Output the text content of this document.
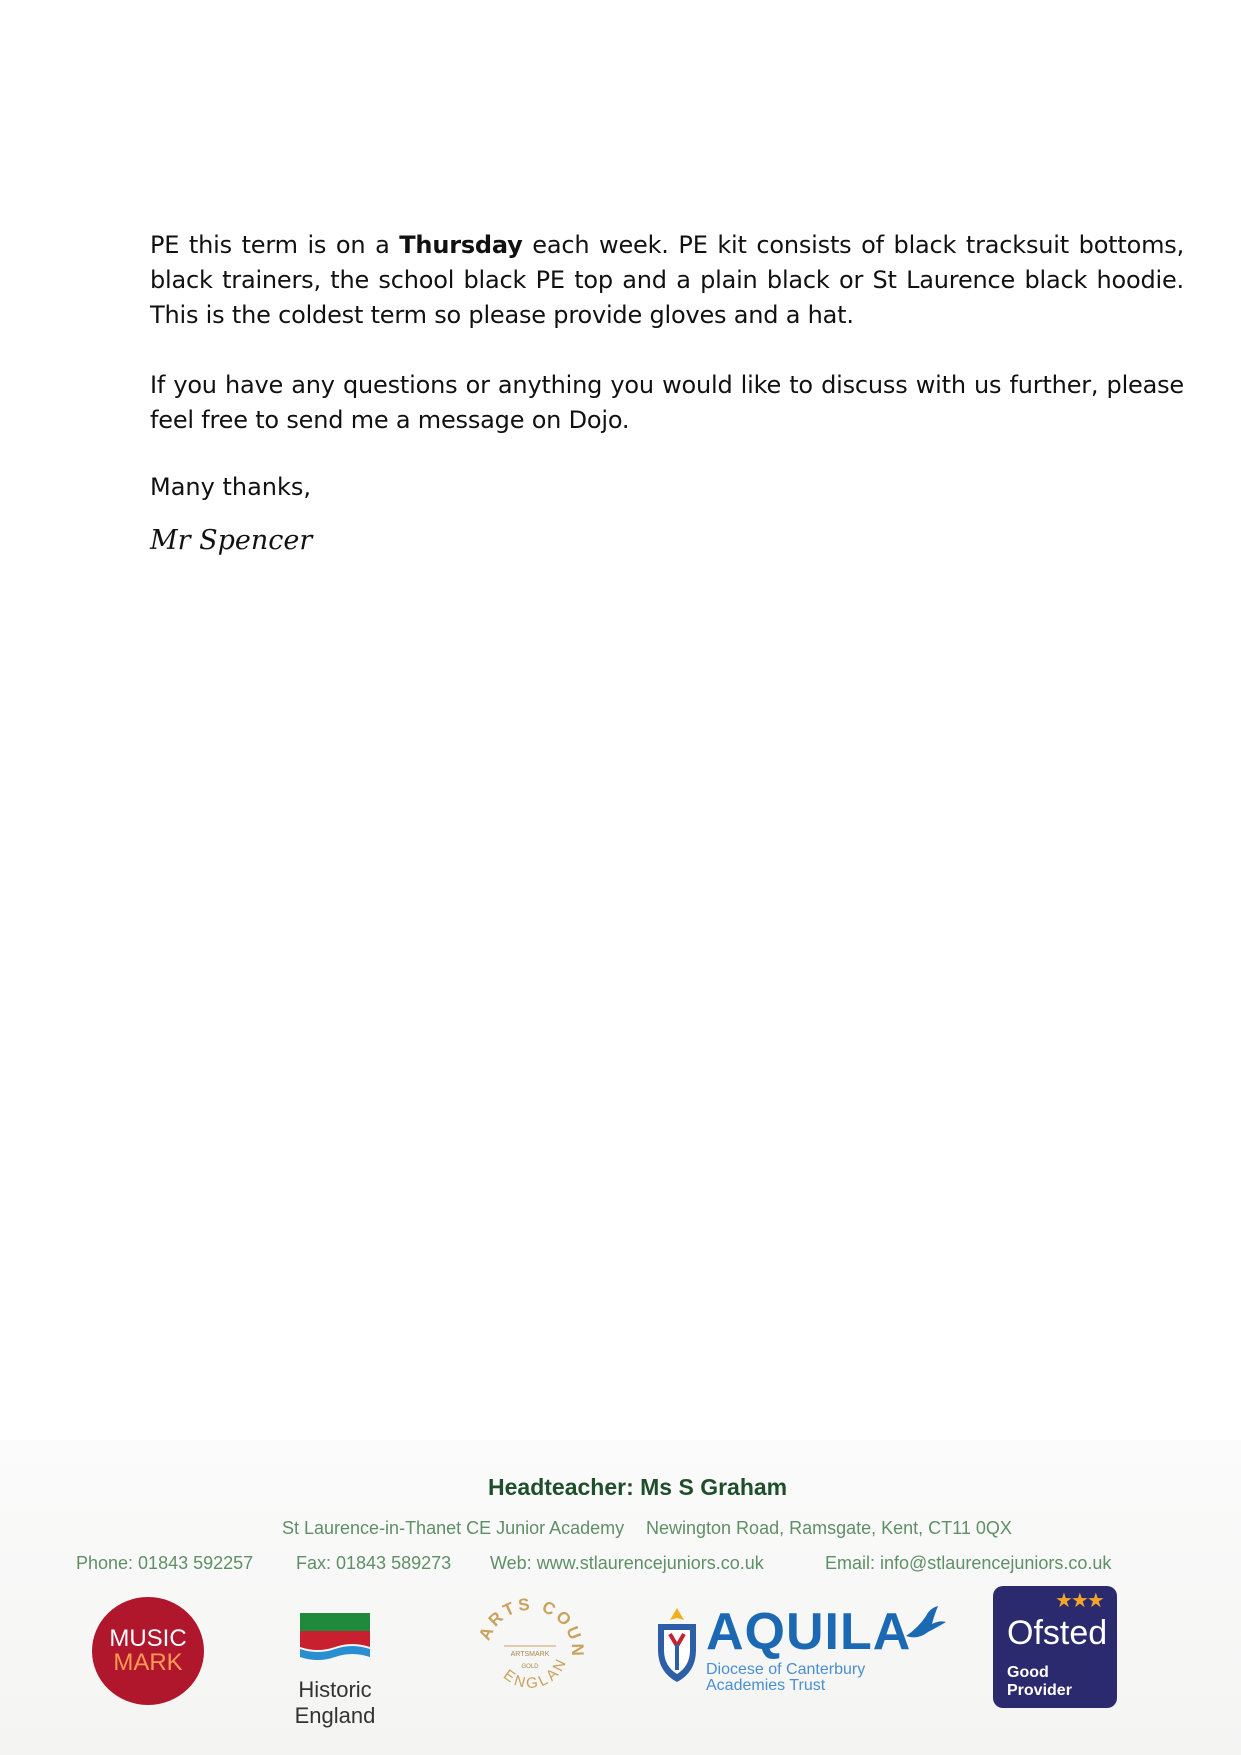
PE this term is on a Thursday each week. PE kit consists of black tracksuit bottoms, black trainers, the school black PE top and a plain black or St Laurence black hoodie. This is the coldest term so please provide gloves and a hat.

If you have any questions or anything you would like to discuss with us further, please feel free to send me a message on Dojo.

Many thanks,

Mr Spencer
Headteacher: Ms S Graham
St Laurence-in-Thanet CE Junior Academy Newington Road, Ramsgate, Kent, CT11 0QX
Phone: 01843 592257 Fax: 01843 589273 Web: www.stlaurencejuniors.co.uk	Email: info@stlaurencejuniors.co.uk
MUSIC
MARK
Historic England
ARTS COUN
ENGLAN
ARTSMARK
GOLD
AQUILA
Diocese of Canterbury
Academies Trust
★★★
Ofsted
Good
Provider
